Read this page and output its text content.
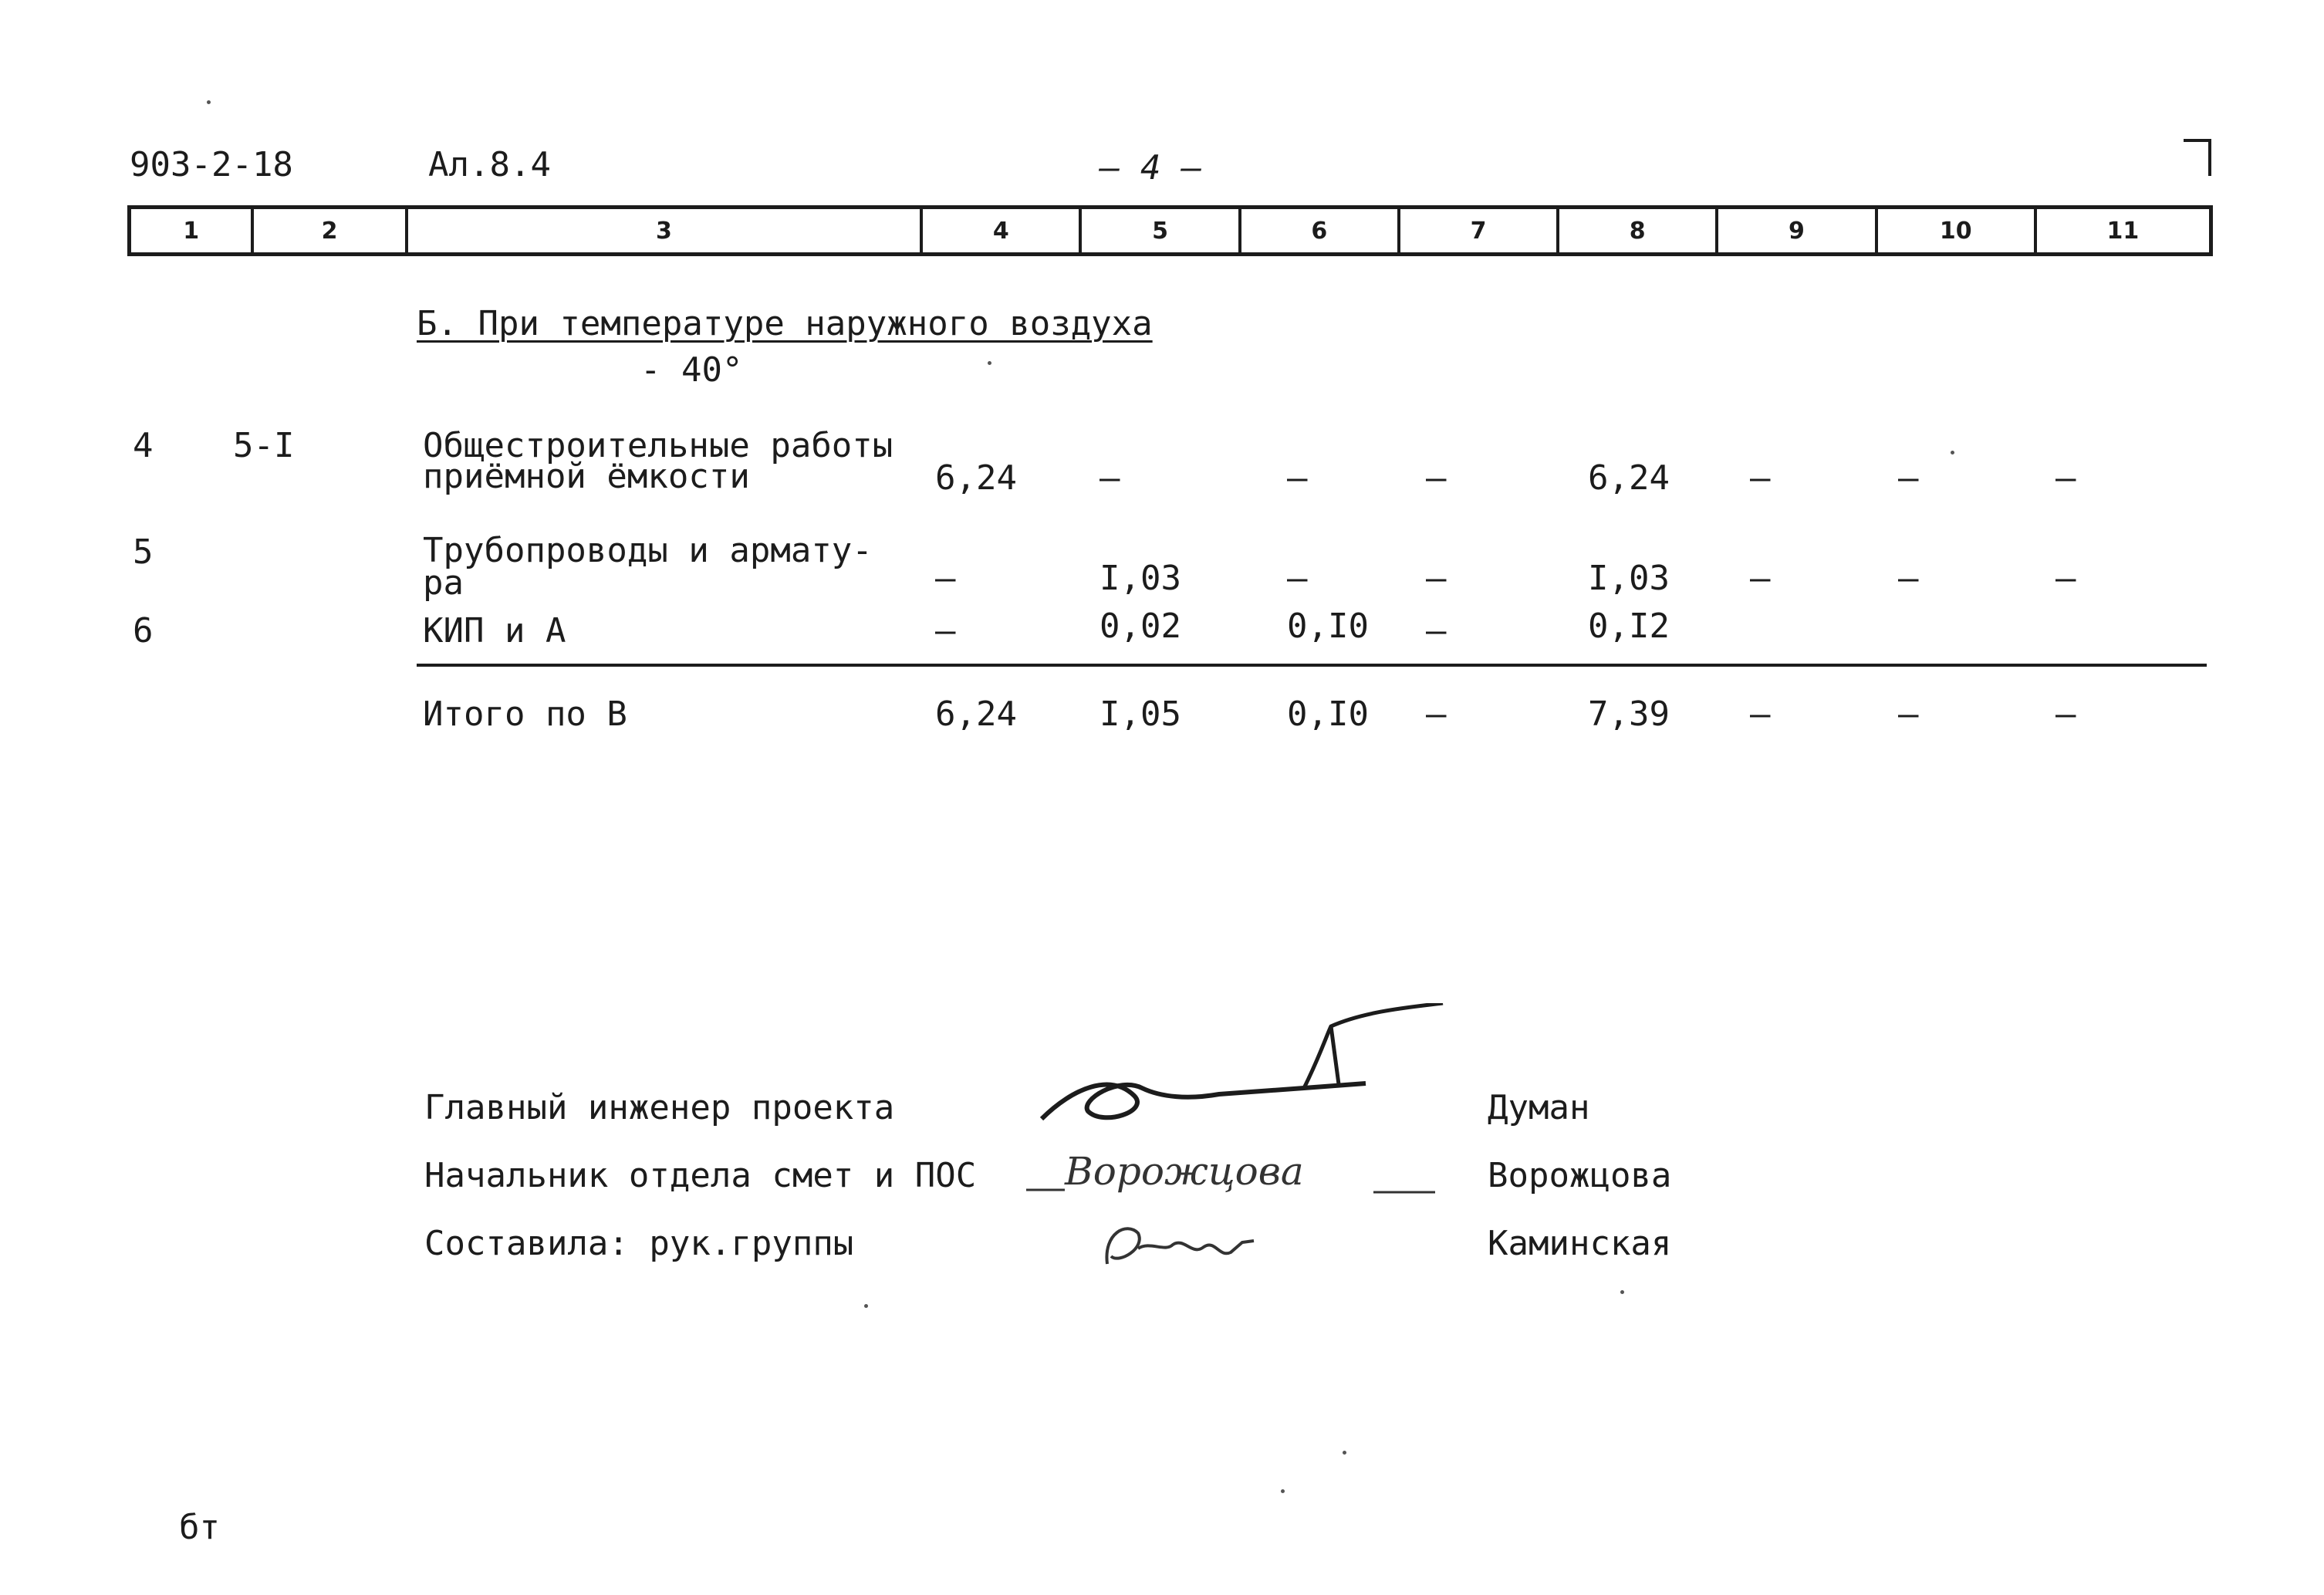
903-2-18	Ал.8.4	— 4 —
1	2	3	4	5	6	7	8	9	10	11
Б. При температуре наружного воздуха
- 40°
4 5-I	Общестроительные работы
приёмной ёмкости	6,24 –	–	–	6,24 –	–	–
5	Трубопроводы и армату-
ра	–	I,03	–	–	I,03 –	–	–
6	КИП и А	–	0,02	0,I0 –	0,I2
Итого по В	6,24 I,05	0,I0 –	7,39 –	–	–
Главный инженер проекта	Думан
Начальник отдела смет и ПОС	Ворожцова
Составила: рук.группы	Каминская
Ворожцова
бт
